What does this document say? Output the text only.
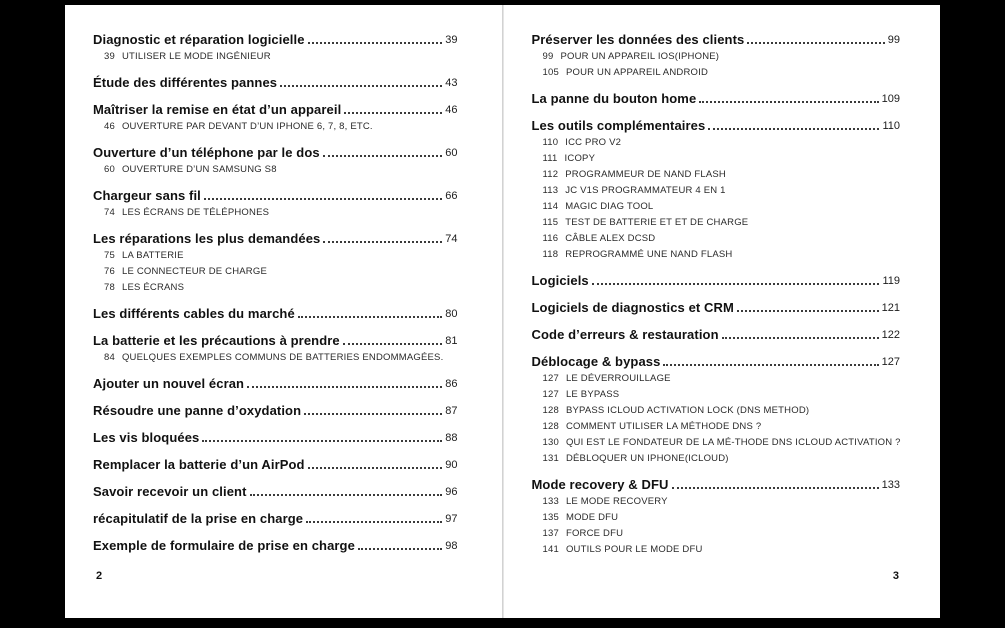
Diagnostic et réparation logicielle	39
39 UTILISER LE MODE INGÉNIEUR
Étude des différentes pannes	43
Maîtriser la remise en état d’un appareil	46
46 OUVERTURE PAR DEVANT D’UN IPHONE 6, 7, 8, ETC.
Ouverture d’un téléphone par le dos	60
60 OUVERTURE D’UN SAMSUNG S8
Chargeur sans fil	66
74 LES ÉCRANS DE TÉLÉPHONES
Les réparations les plus demandées	74
75 LA BATTERIE
76 LE CONNECTEUR DE CHARGE
78 LES ÉCRANS
Les différents cables du marché	80
La batterie et les précautions à prendre	81
84 QUELQUES EXEMPLES COMMUNS DE BATTERIES ENDOMMAGÉES.
Ajouter un nouvel écran	86
Résoudre une panne d’oxydation	87
Les vis bloquées	88
Remplacer la batterie d’un AirPod	90
Savoir recevoir un client	96
récapitulatif de la prise en charge	97
Exemple de formulaire de prise en charge	98
2
Préserver les données des clients	99
99 POUR UN APPAREIL IOS(IPHONE)
105 POUR UN APPAREIL ANDROID
La panne du bouton home	109
Les outils complémentaires	110
110 ICC PRO V2
111 ICOPY
112 PROGRAMMEUR DE NAND FLASH
113 JC V1S PROGRAMMATEUR 4 EN 1
114 MAGIC DIAG TOOL
115 TEST DE BATTERIE ET ET DE CHARGE
116 CÂBLE ALEX DCSD
118 REPROGRAMMÉ UNE NAND FLASH
Logiciels	119
Logiciels de diagnostics et CRM	121
Code d’erreurs & restauration	122
Déblocage & bypass	127
127 LE DÉVERROUILLAGE
127 LE BYPASS
128 BYPASS ICLOUD ACTIVATION LOCK (DNS METHOD)
128 COMMENT UTILISER LA MÉTHODE DNS ?
130 QUI EST LE FONDATEUR DE LA MÉ-THODE DNS ICLOUD ACTIVATION ?
131 DÉBLOQUER UN IPHONE(ICLOUD)
Mode recovery & DFU	133
133 LE MODE RECOVERY
135 MODE DFU
137 FORCE DFU
141 OUTILS POUR LE MODE DFU
3
